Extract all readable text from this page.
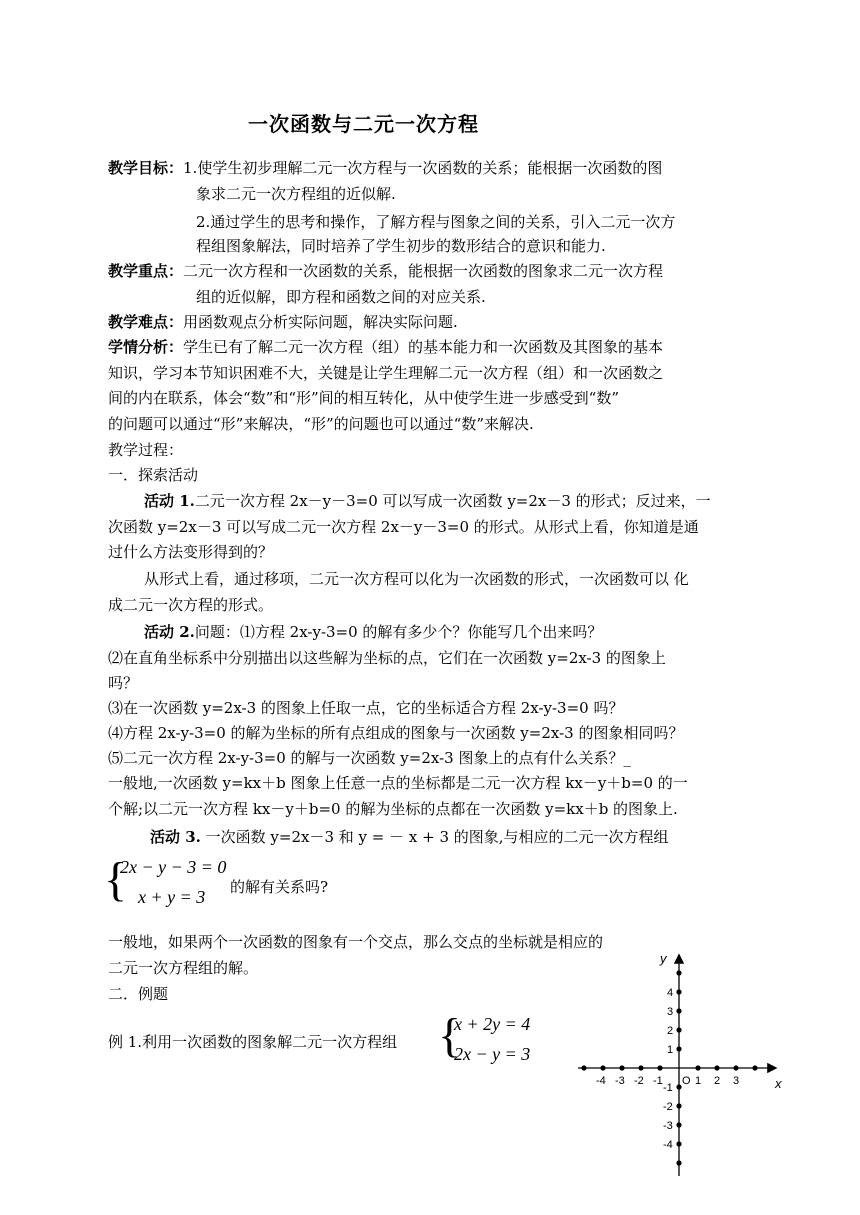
一次函数与二元一次方程
教学目标：1.使学生初步理解二元一次方程与一次函数的关系；能根据一次函数的图
象求二元一次方程组的近似解.
2.通过学生的思考和操作，了解方程与图象之间的关系，引入二元一次方
程组图象解法，同时培养了学生初步的数形结合的意识和能力.
教学重点：二元一次方程和一次函数的关系，能根据一次函数的图象求二元一次方程
组的近似解，即方程和函数之间的对应关系.
教学难点：用函数观点分析实际问题，解决实际问题.
学情分析：学生已有了解二元一次方程（组）的基本能力和一次函数及其图象的基本
知识，学习本节知识困难不大，关键是让学生理解二元一次方程（组）和一次函数之
间的内在联系，体会“数”和“形”间的相互转化，从中使学生进一步感受到“数”
的问题可以通过“形”来解决，“形”的问题也可以通过“数”来解决.
教学过程：
一．探索活动
活动 1.二元一次方程 2x－y－3=0 可以写成一次函数 y=2x－3 的形式；反过来，一
次函数 y=2x－3 可以写成二元一次方程 2x－y－3=0 的形式。从形式上看，你知道是通
过什么方法变形得到的？
从形式上看，通过移项，二元一次方程可以化为一次函数的形式，一次函数可以 化
成二元一次方程的形式。
活动 2.问题：⑴方程 2x-y-3=0 的解有多少个？你能写几个出来吗？
⑵在直角坐标系中分别描出以这些解为坐标的点，它们在一次函数 y=2x-3 的图象上
吗？
⑶在一次函数 y=2x-3 的图象上任取一点，它的坐标适合方程 2x-y-3=0 吗？
⑷方程 2x-y-3=0 的解为坐标的所有点组成的图象与一次函数 y=2x-3 的图象相同吗？
⑸二元一次方程 2x-y-3=0 的解与一次函数 y=2x-3 图象上的点有什么关系？_
一般地,一次函数 y=kx＋b 图象上任意一点的坐标都是二元一次方程 kx－y＋b=0 的一
个解;以二元一次方程 kx－y＋b=0 的解为坐标的点都在一次函数 y=kx＋b 的图象上.
活动 3. 一次函数 y=2x－3 和 y = － x + 3 的图象,与相应的二元一次方程组
{
2x − y − 3 = 0
x + y = 3 的解有关系吗?
一般地，如果两个一次函数的图象有一个交点，那么交点的坐标就是相应的
二元一次方程组的解。
二．例题
例 1.利用一次函数的图象解二元一次方程组 {
x + 2y = 4
2x − y = 3
y
x
O
-4 -3 -2 -1	1 2 3
4
3
2
1
-1
-2
-3
-4
